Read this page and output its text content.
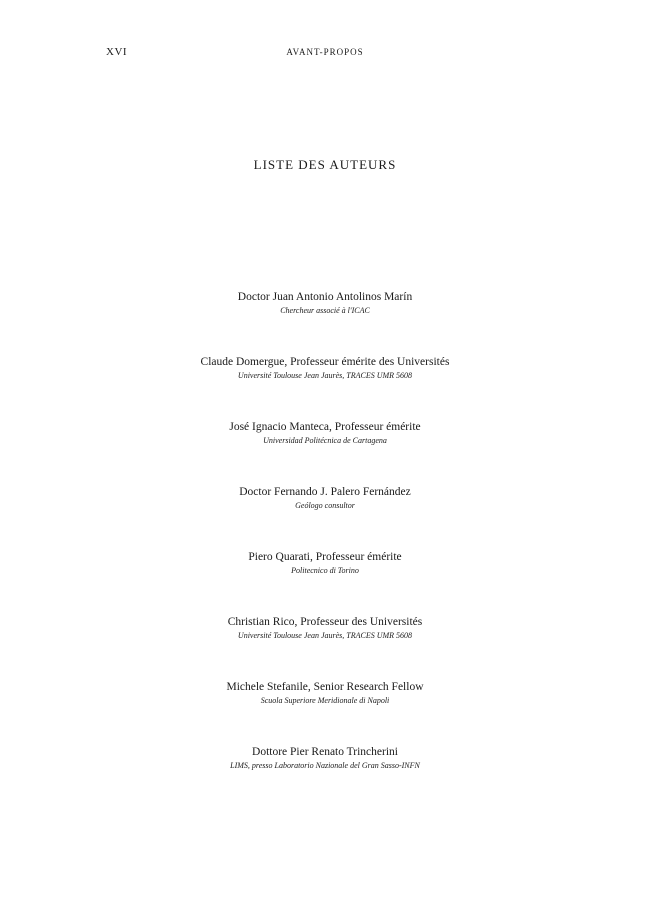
XVI	AVANT-PROPOS
LISTE DES AUTEURS
Doctor Juan Antonio Antolinos Marín
Chercheur associé à l'ICAC
Claude Domergue, Professeur émérite des Universités
Université Toulouse Jean Jaurès, TRACES UMR 5608
José Ignacio Manteca, Professeur émérite
Universidad Politécnica de Cartagena
Doctor Fernando J. Palero Fernández
Geólogo consultor
Piero Quarati, Professeur émérite
Politecnico di Torino
Christian Rico, Professeur des Universités
Université Toulouse Jean Jaurès, TRACES UMR 5608
Michele Stefanile, Senior Research Fellow
Scuola Superiore Meridionale di Napoli
Dottore Pier Renato Trincherini
LIMS, presso Laboratorio Nazionale del Gran Sasso-INFN
